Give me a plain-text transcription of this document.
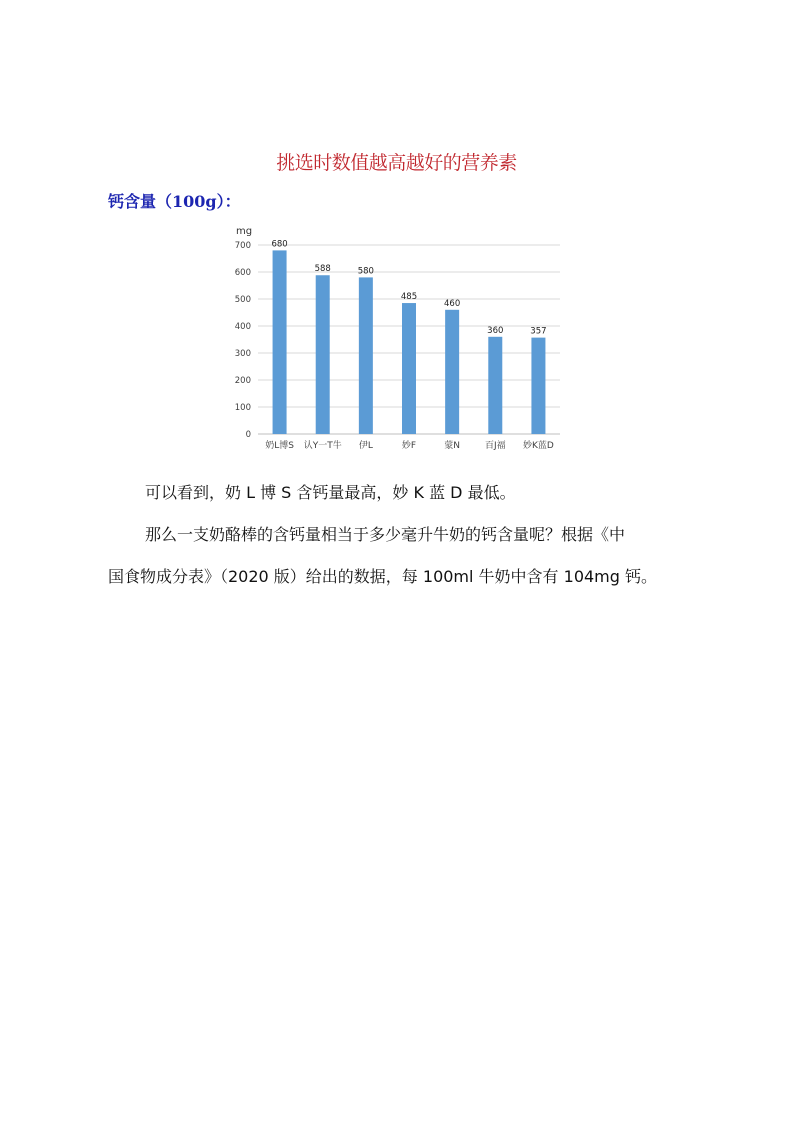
挑选时数值越高越好的营养素
钙含量（100g）：
mg
0
100
200
300
400
500
600
700 680
奶L博S
588
认Y一T牛
580
伊L
485
妙F
460
蒙N
360
百J福
357
妙K蓝D
可以看到，奶 L 博 S 含钙量最高，妙 K 蓝 D 最低。
那么一支奶酪棒的含钙量相当于多少毫升牛奶的钙含量呢？根据《中
国食物成分表》（2020 版）给出的数据，每 100ml 牛奶中含有 104mg 钙。
